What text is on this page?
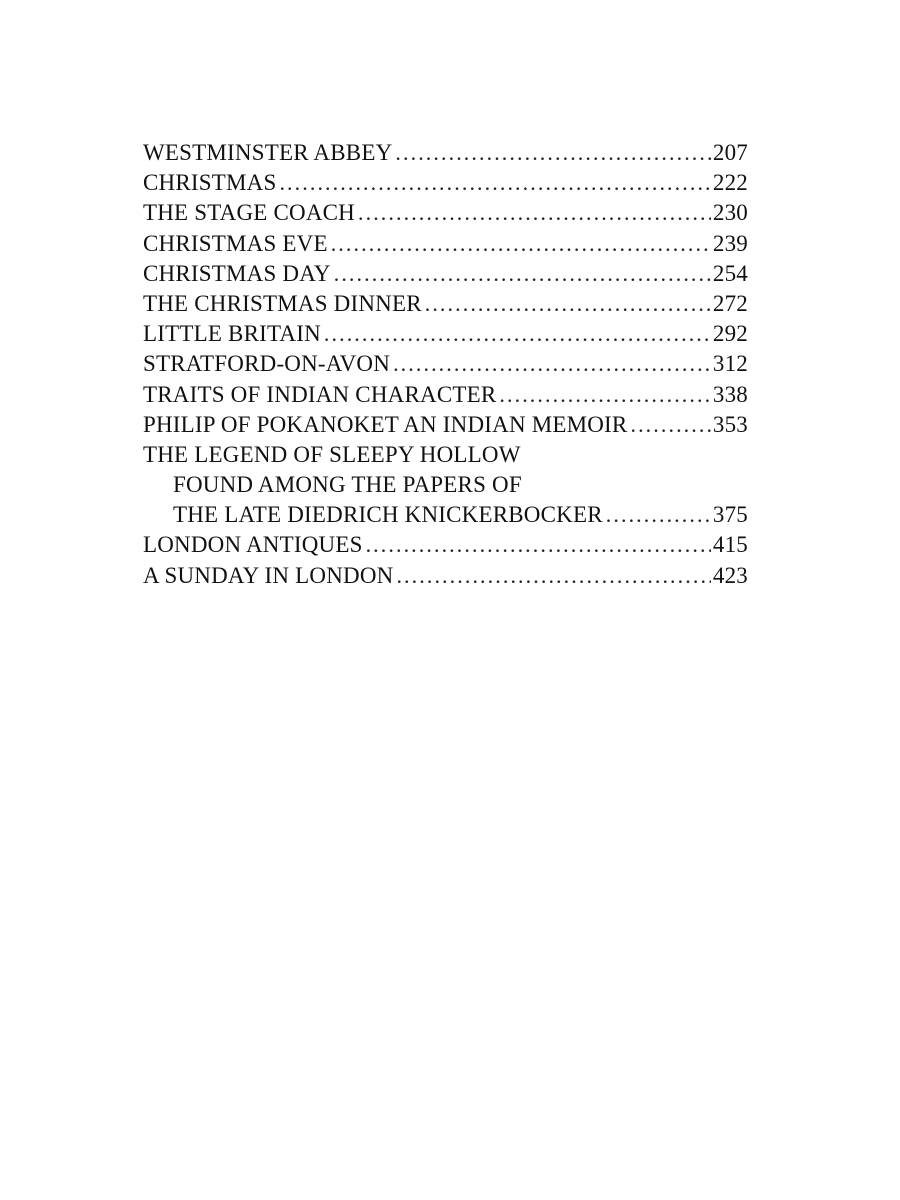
WESTMINSTER ABBEY . . .	207
CHRISTMAS . . .	222
THE STAGE COACH . . .	230
CHRISTMAS EVE . . .	239
CHRISTMAS DAY . . .	254
THE CHRISTMAS DINNER . . .	272
LITTLE BRITAIN . . .	292
STRATFORD-ON-AVON . . .	312
TRAITS OF INDIAN CHARACTER . . .	338
PHILIP OF POKANOKET AN INDIAN MEMOIR . . .	353
THE LEGEND OF SLEEPY HOLLOW
FOUND AMONG THE PAPERS OF
THE LATE DIEDRICH KNICKERBOCKER . . .	375
LONDON ANTIQUES . . .	415
A SUNDAY IN LONDON . . .	423
